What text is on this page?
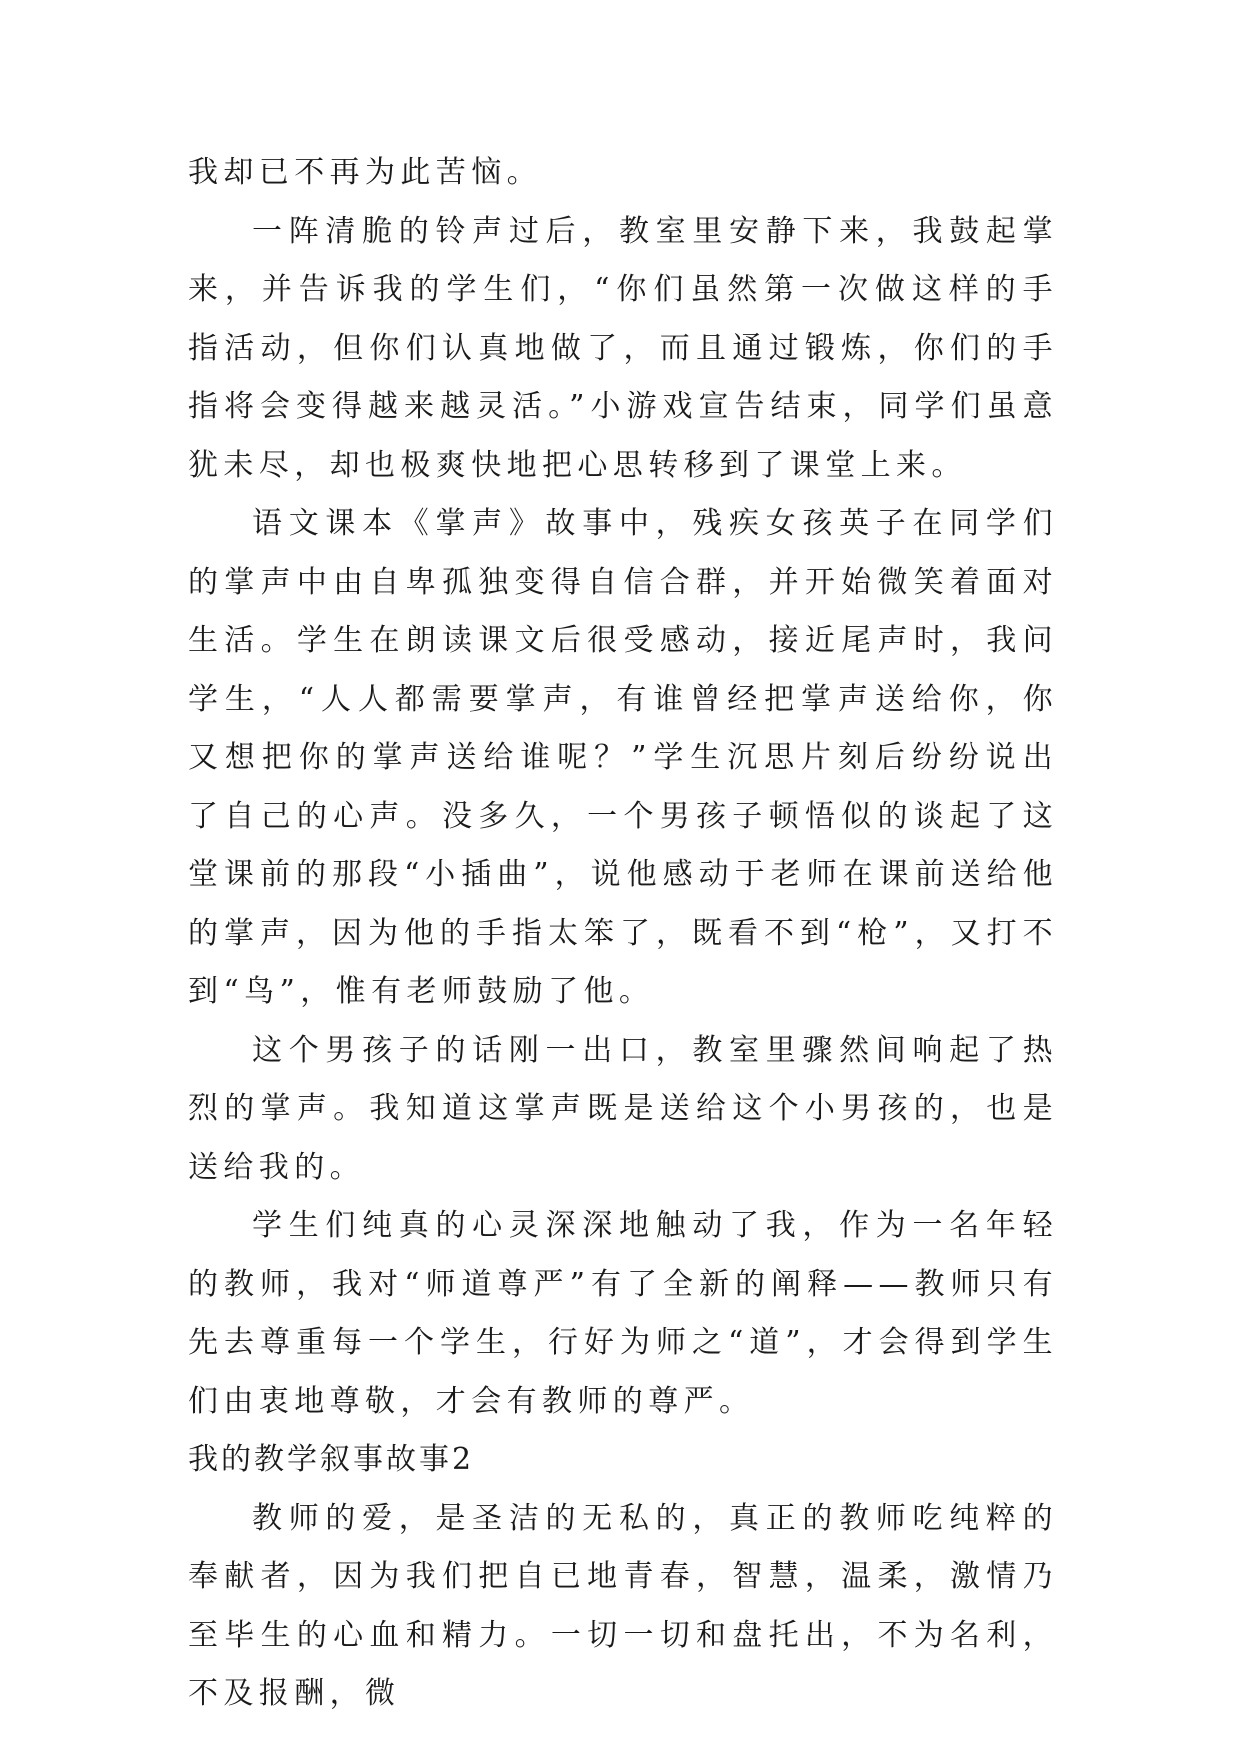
我却已不再为此苦恼。

一阵清脆的铃声过后，教室里安静下来，我鼓起掌来，并告诉我的学生们，“你们虽然第一次做这样的手指活动，但你们认真地做了，而且通过锻炼，你们的手指将会变得越来越灵活。”小游戏宣告结束，同学们虽意犹未尽，却也极爽快地把心思转移到了课堂上来。

语文课本《掌声》故事中，残疾女孩英子在同学们的掌声中由自卑孤独变得自信合群，并开始微笑着面对生活。学生在朗读课文后很受感动，接近尾声时，我问学生，“人人都需要掌声，有谁曾经把掌声送给你，你又想把你的掌声送给谁呢？”学生沉思片刻后纷纷说出了自己的心声。没多久，一个男孩子顿悟似的谈起了这堂课前的那段“小插曲”，说他感动于老师在课前送给他的掌声，因为他的手指太笨了，既看不到“枪”，又打不到“鸟”，惟有老师鼓励了他。

这个男孩子的话刚一出口，教室里骤然间响起了热烈的掌声。我知道这掌声既是送给这个小男孩的，也是送给我的。

学生们纯真的心灵深深地触动了我，作为一名年轻的教师，我对“师道尊严”有了全新的阐释——教师只有先去尊重每一个学生，行好为师之“道”，才会得到学生们由衷地尊敬，才会有教师的尊严。

我的教学叙事故事2

教师的爱，是圣洁的无私的，真正的教师吃纯粹的奉献者，因为我们把自已地青春，智慧，温柔，激情乃至毕生的心血和精力。一切一切和盘托出，不为名利，不及报酬，微
